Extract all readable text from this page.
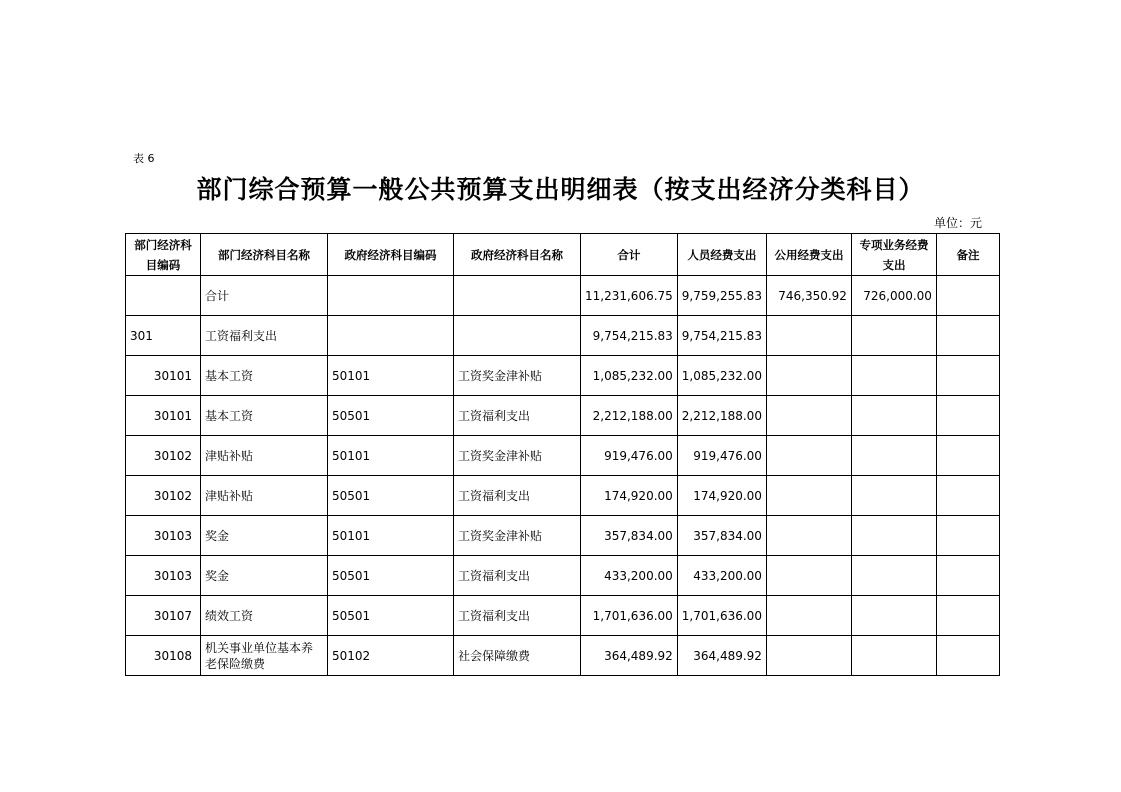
表 6
部门综合预算一般公共预算支出明细表（按支出经济分类科目）
单位：元
部门经济科目编码	部门经济科目名称	政府经济科目编码	政府经济科目名称	合计	人员经费支出	公用经费支出	专项业务经费支出	备注
	合计			11,231,606.75	9,759,255.83	746,350.92	726,000.00	
301	工资福利支出			9,754,215.83	9,754,215.83			
30101	基本工资	50101	工资奖金津补贴	1,085,232.00	1,085,232.00			
30101	基本工资	50501	工资福利支出	2,212,188.00	2,212,188.00			
30102	津贴补贴	50101	工资奖金津补贴	919,476.00	919,476.00			
30102	津贴补贴	50501	工资福利支出	174,920.00	174,920.00			
30103	奖金	50101	工资奖金津补贴	357,834.00	357,834.00			
30103	奖金	50501	工资福利支出	433,200.00	433,200.00			
30107	绩效工资	50501	工资福利支出	1,701,636.00	1,701,636.00			
30108	机关事业单位基本养老保险缴费	50102	社会保障缴费	364,489.92	364,489.92			
